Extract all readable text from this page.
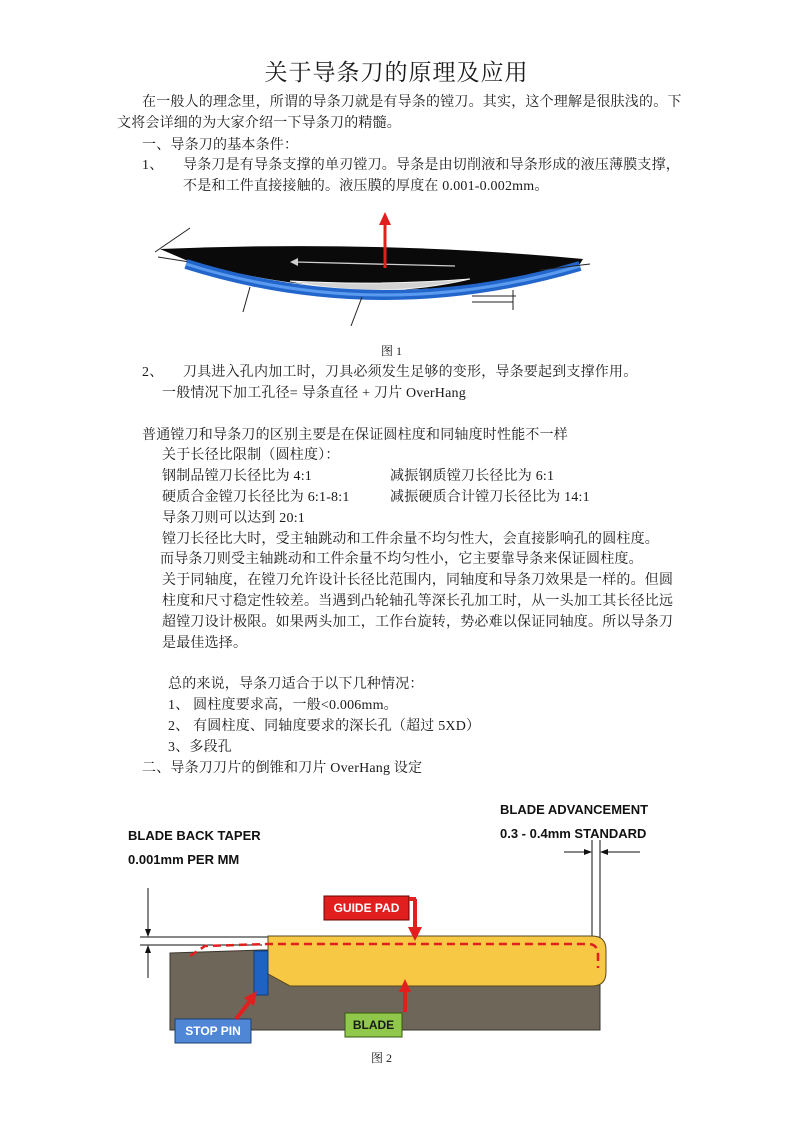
关于导条刀的原理及应用
在一般人的理念里，所谓的导条刀就是有导条的镗刀。其实，这个理解是很肤浅的。下
文将会详细的为大家介绍一下导条刀的精髓。
一、导条刀的基本条件：
1、 导条刀是有导条支撑的单刃镗刀。导条是由切削液和导条形成的液压薄膜支撑，
不是和工件直接接触的。液压膜的厚度在 0.001-0.002mm。
图 1
2、 刀具进入孔内加工时，刀具必须发生足够的变形，导条要起到支撑作用。
一般情况下加工孔径= 导条直径 + 刀片 OverHang
普通镗刀和导条刀的区别主要是在保证圆柱度和同轴度时性能不一样
关于长径比限制（圆柱度）：
钢制品镗刀长径比为 4:1	减振钢质镗刀长径比为 6:1
硬质合金镗刀长径比为 6:1-8:1	减振硬质合计镗刀长径比为 14:1
导条刀则可以达到 20:1
镗刀长径比大时，受主轴跳动和工件余量不均匀性大，会直接影响孔的圆柱度。
而导条刀则受主轴跳动和工件余量不均匀性小，它主要靠导条来保证圆柱度。
关于同轴度，在镗刀允许设计长径比范围内，同轴度和导条刀效果是一样的。但圆
柱度和尺寸稳定性较差。当遇到凸轮轴孔等深长孔加工时，从一头加工其长径比远
超镗刀设计极限。如果两头加工，工作台旋转，势必难以保证同轴度。所以导条刀
是最佳选择。
总的来说，导条刀适合于以下几种情况：
1、 圆柱度要求高，一般<0.006mm。
2、 有圆柱度、同轴度要求的深长孔（超过 5XD）
3、多段孔
二、导条刀刀片的倒锥和刀片 OverHang 设定
BLADE ADVANCEMENT
0.3 - 0.4mm STANDARD
BLADE BACK TAPER
0.001mm PER MM
GUIDE PAD
BLADE
STOP PIN
图 2
